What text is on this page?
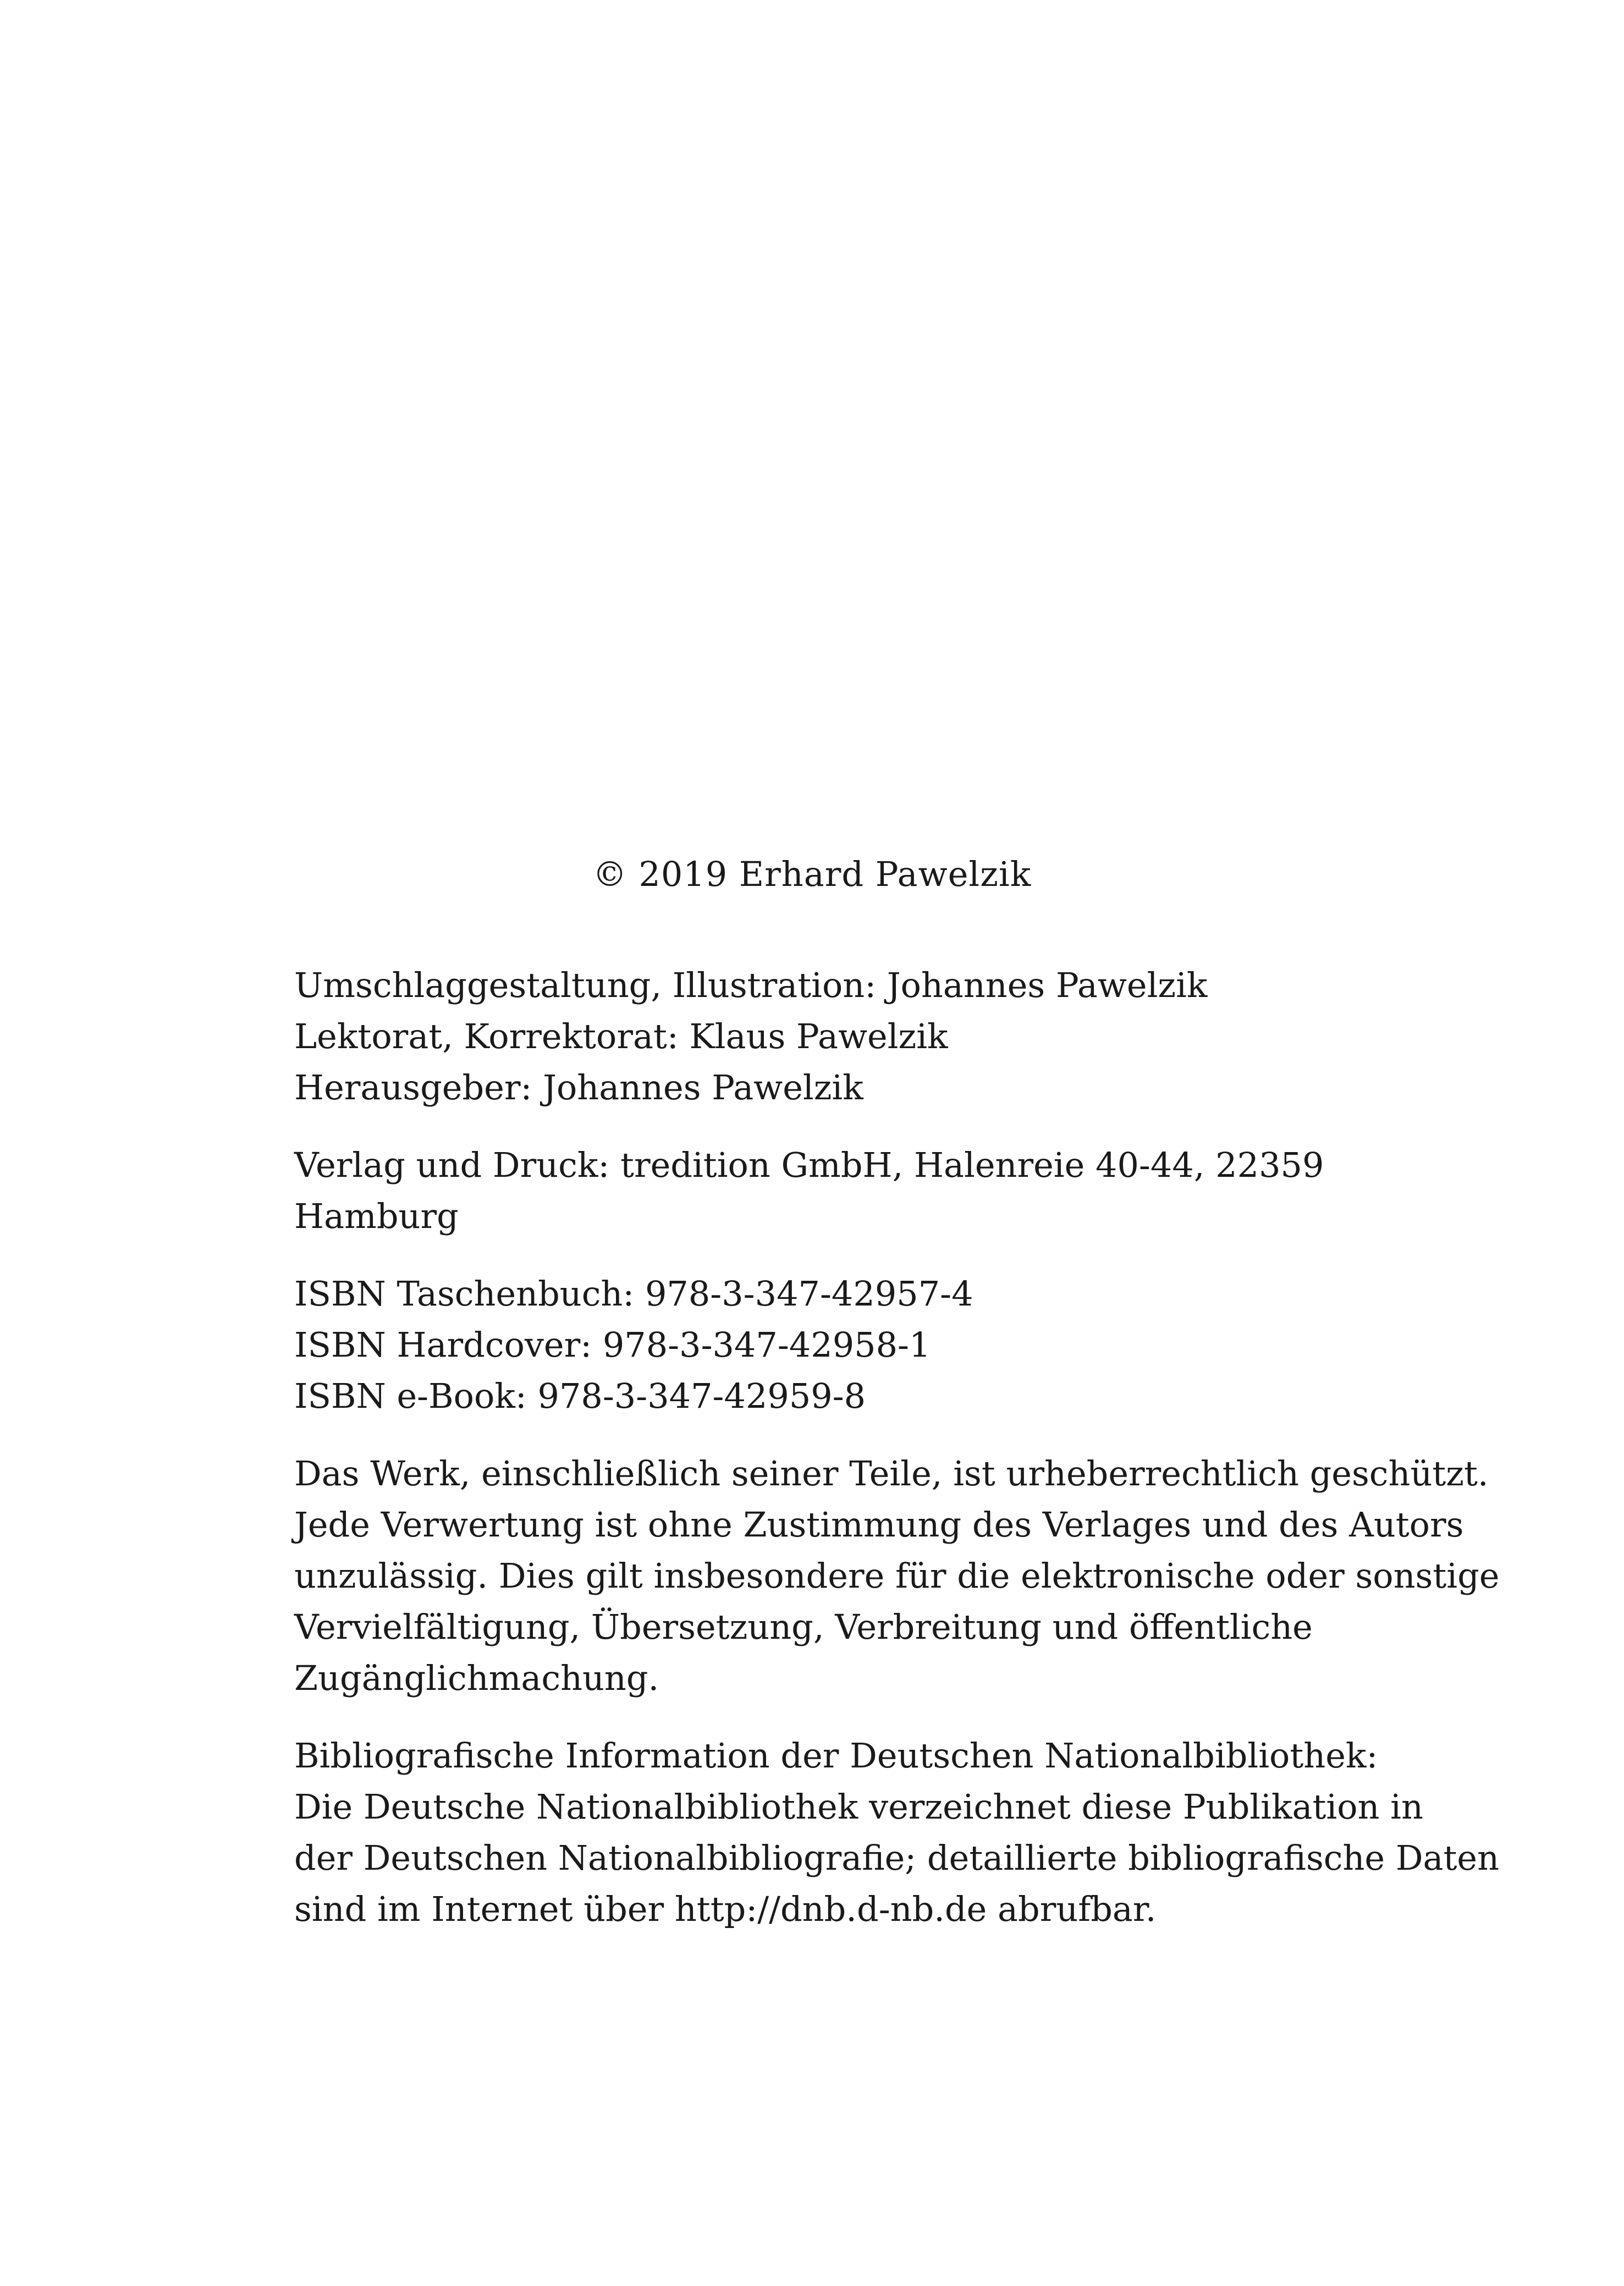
© 2019 Erhard Pawelzik
Umschlaggestaltung, Illustration: Johannes Pawelzik
Lektorat, Korrektorat: Klaus Pawelzik
Herausgeber: Johannes Pawelzik
Verlag und Druck: tredition GmbH, Halenreie 40-44, 22359
Hamburg
ISBN Taschenbuch: 978-3-347-42957-4
ISBN Hardcover: 978-3-347-42958-1
ISBN e-Book: 978-3-347-42959-8
Das Werk, einschließlich seiner Teile, ist urheberrechtlich geschützt.
Jede Verwertung ist ohne Zustimmung des Verlages und des Autors
unzulässig. Dies gilt insbesondere für die elektronische oder sonstige
Vervielfältigung, Übersetzung, Verbreitung und öffentliche
Zugänglichmachung.
Bibliografische Information der Deutschen Nationalbibliothek:
Die Deutsche Nationalbibliothek verzeichnet diese Publikation in
der Deutschen Nationalbibliografie; detaillierte bibliografische Daten
sind im Internet über http://dnb.d-nb.de abrufbar.
